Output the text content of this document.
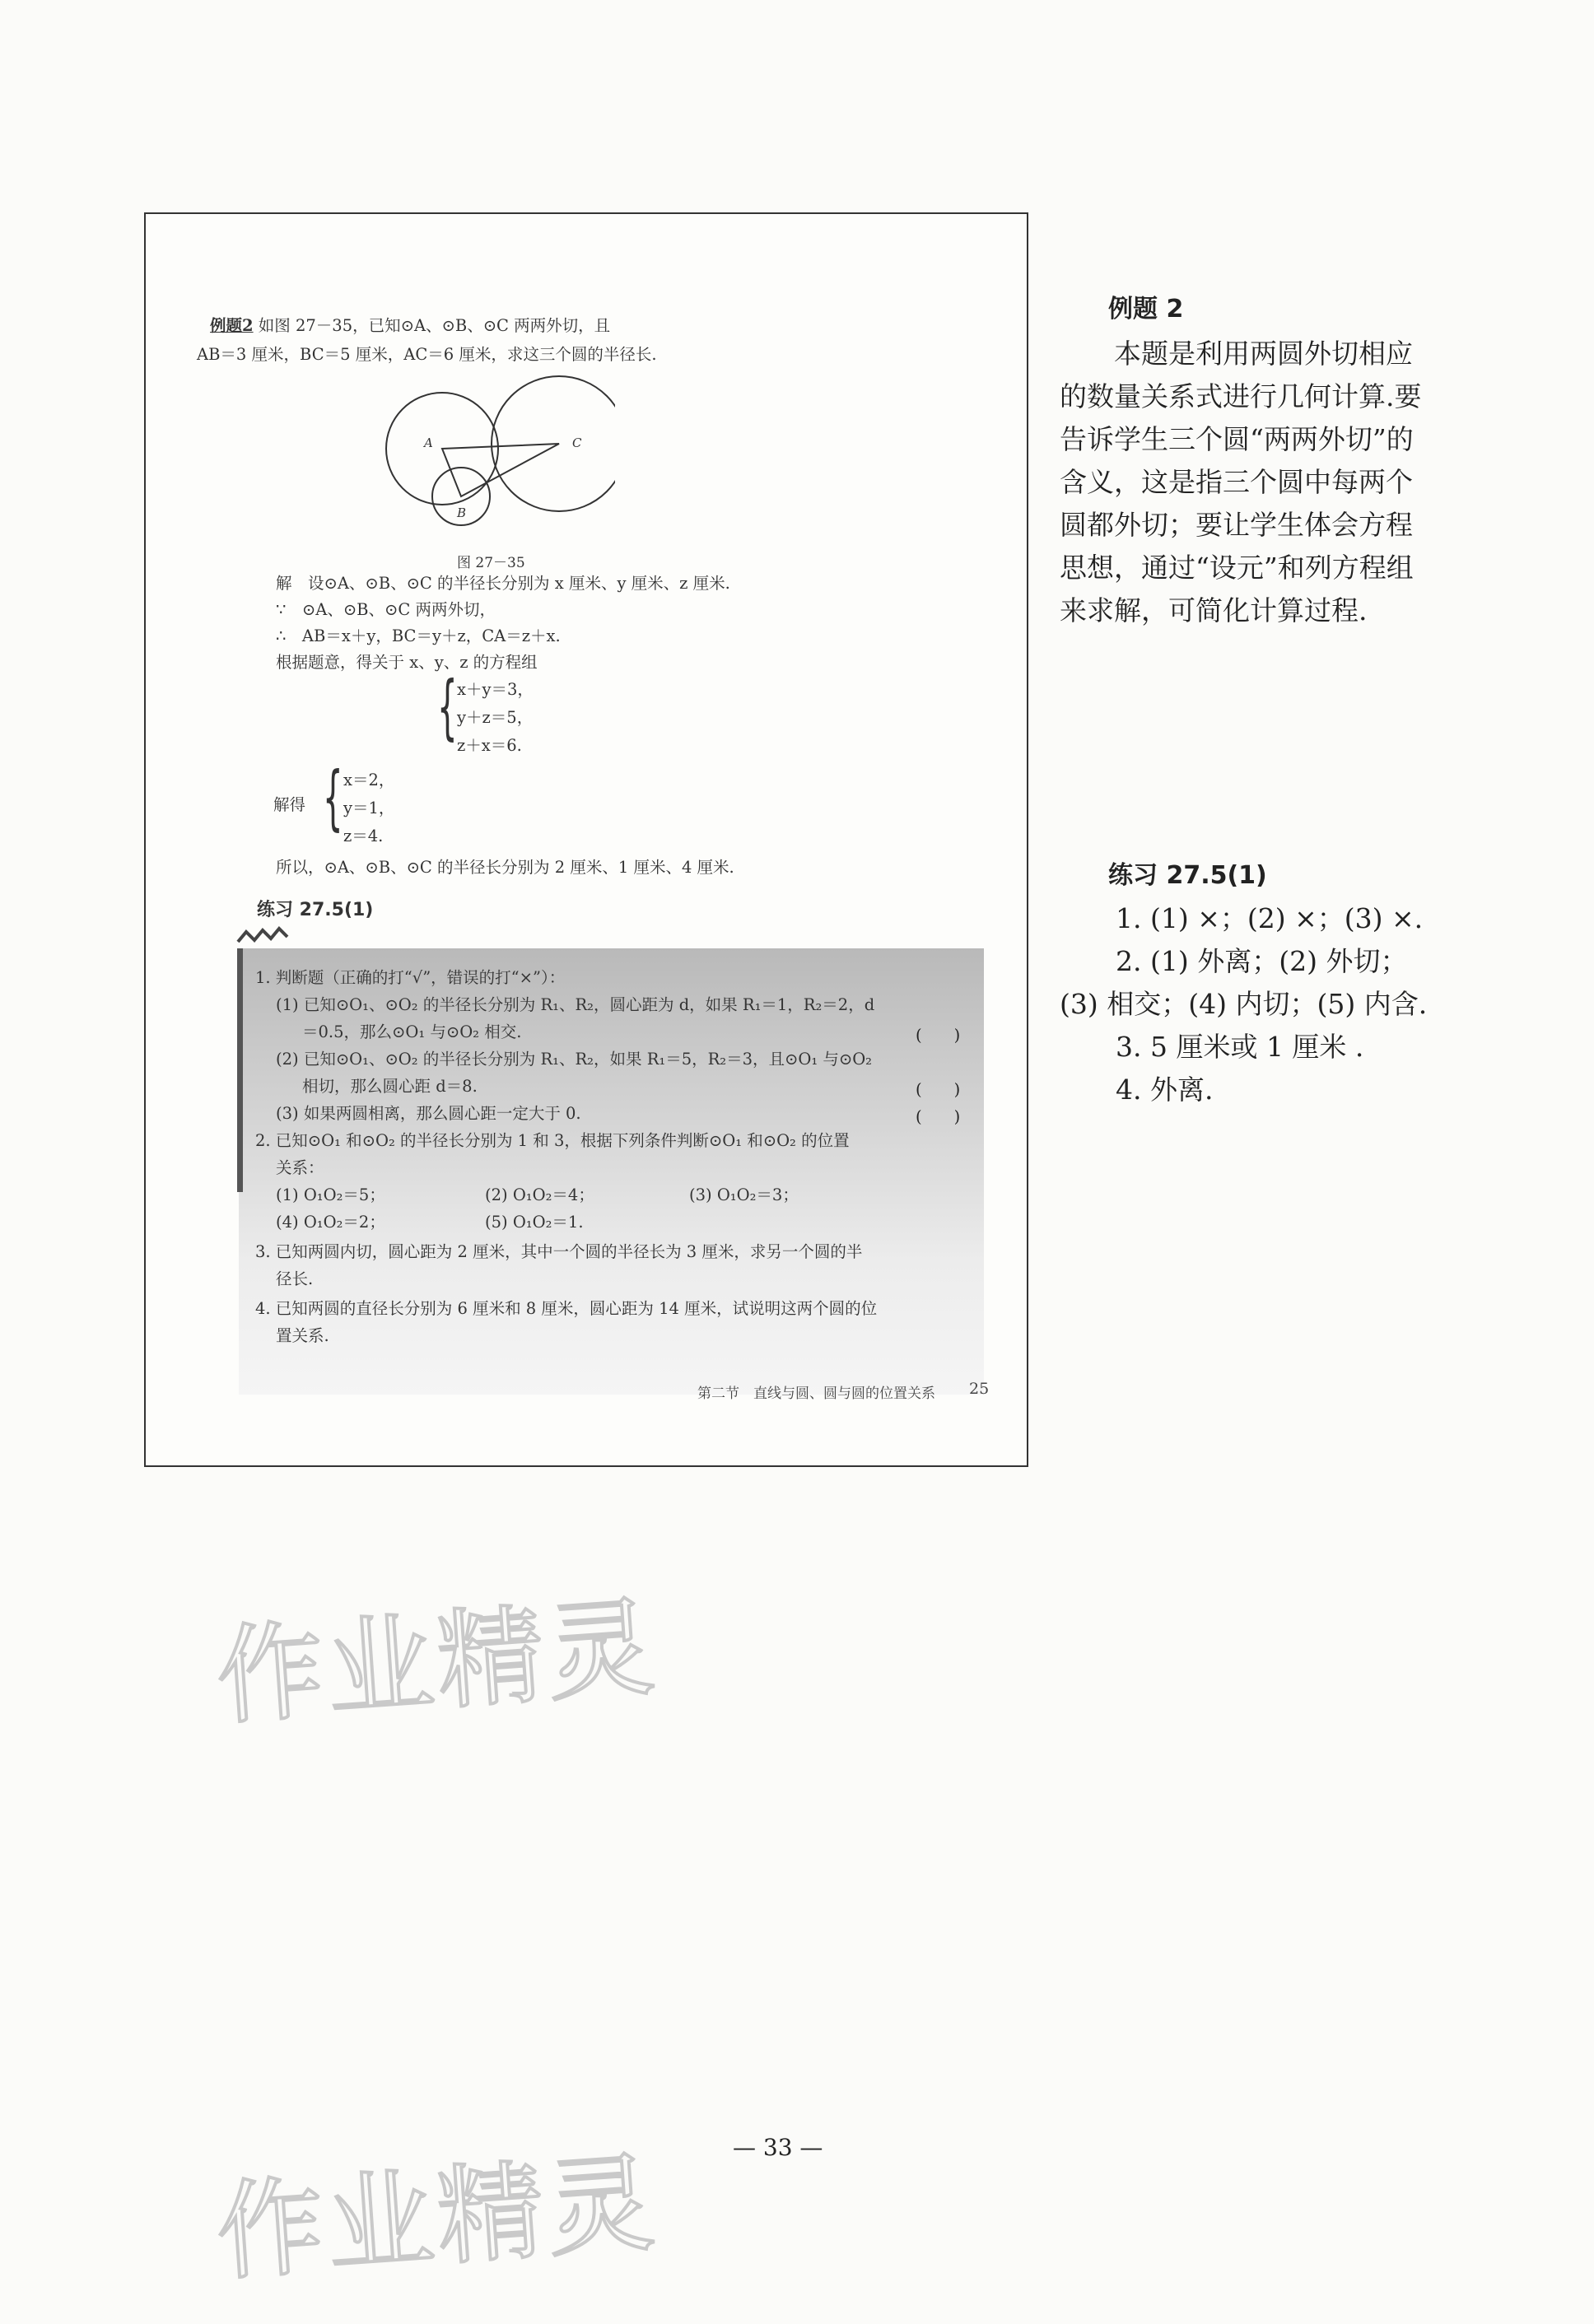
例题2 如图 27－35，已知⊙A、⊙B、⊙C 两两外切，且
AB＝3 厘米，BC＝5 厘米，AC＝6 厘米，求这三个圆的半径长.
A	C
B
图 27－35
解　设⊙A、⊙B、⊙C 的半径长分别为 x 厘米、y 厘米、z 厘米.
∵　⊙A、⊙B、⊙C 两两外切，
∴　AB＝x＋y，BC＝y＋z，CA＝z＋x.
根据题意，得关于 x、y、z 的方程组
{ x＋y＝3，
y＋z＝5，
z＋x＝6.
解得 { x＝2，
y＝1，
z＝4.
所以，⊙A、⊙B、⊙C 的半径长分别为 2 厘米、1 厘米、4 厘米.
练习 27.5(1)
1. 判断题（正确的打“√”，错误的打“×”）：
(1) 已知⊙O₁、⊙O₂ 的半径长分别为 R₁、R₂，圆心距为 d，如果 R₁＝1，R₂＝2，d
＝0.5，那么⊙O₁ 与⊙O₂ 相交.	(　　)
(2) 已知⊙O₁、⊙O₂ 的半径长分别为 R₁、R₂，如果 R₁＝5，R₂＝3，且⊙O₁ 与⊙O₂
相切，那么圆心距 d＝8.	(　　)
(3) 如果两圆相离，那么圆心距一定大于 0.	(　　)
2. 已知⊙O₁ 和⊙O₂ 的半径长分别为 1 和 3，根据下列条件判断⊙O₁ 和⊙O₂ 的位置
关系：
(1) O₁O₂＝5；	(2) O₁O₂＝4；	(3) O₁O₂＝3；
(4) O₁O₂＝2；	(5) O₁O₂＝1.
3. 已知两圆内切，圆心距为 2 厘米，其中一个圆的半径长为 3 厘米，求另一个圆的半
径长.
4. 已知两圆的直径长分别为 6 厘米和 8 厘米，圆心距为 14 厘米，试说明这两个圆的位
置关系.
第二节　直线与圆、圆与圆的位置关系 25
例题 2
　　本题是利用两圆外切相应
的数量关系式进行几何计算.要
告诉学生三个圆“两两外切”的
含义，这是指三个圆中每两个
圆都外切；要让学生体会方程
思想，通过“设元”和列方程组
来求解，可简化计算过程.
练习 27.5(1)
　1. (1) ×；(2) ×；(3) ×.
　2. (1) 外离；(2) 外切；
(3) 相交；(4) 内切；(5) 内含.
　3. 5 厘米或 1 厘米 .
　4. 外离.
— 33 —
作业精灵
作业精灵
